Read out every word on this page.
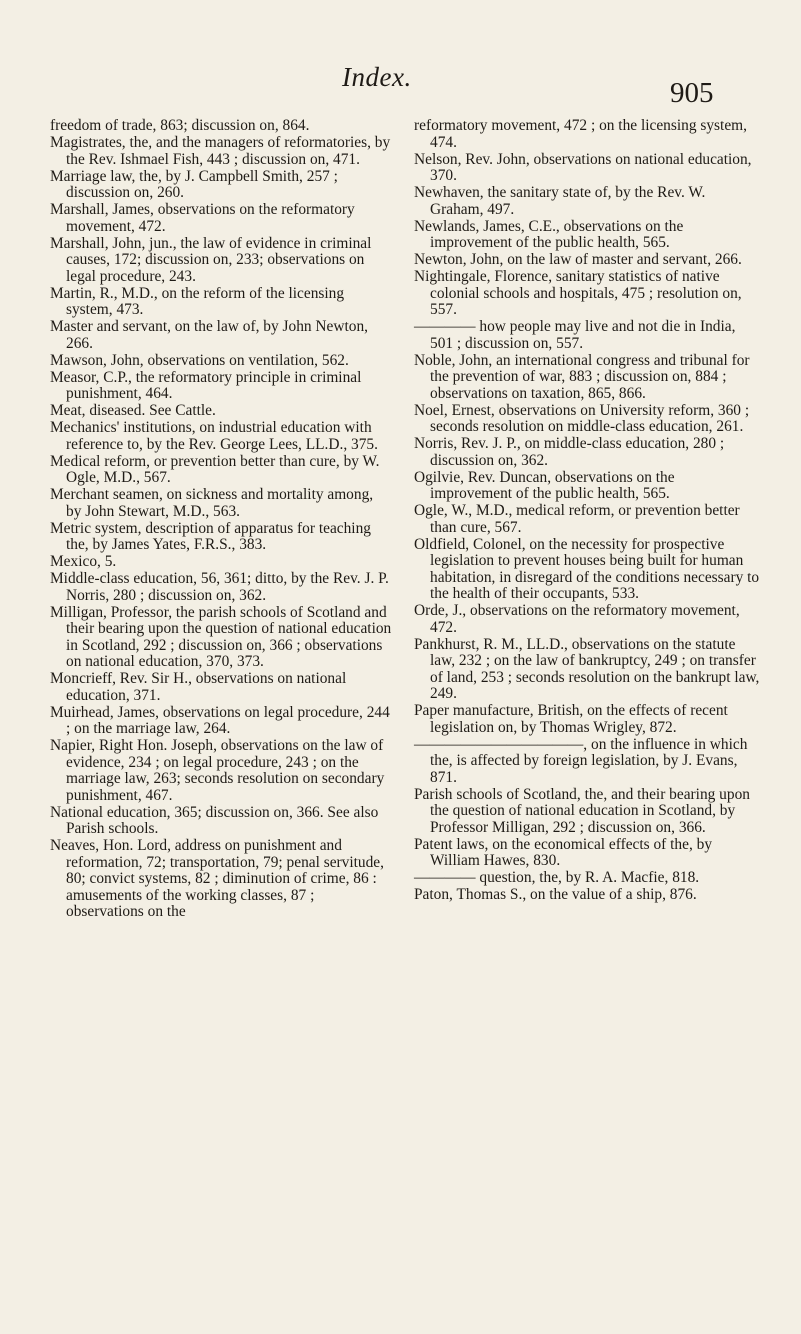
Index.	905

freedom of trade, 863; discussion on, 864.

Magistrates, the, and the managers of reformatories, by the Rev. Ishmael Fish, 443 ; discussion on, 471.

Marriage law, the, by J. Campbell Smith, 257 ; discussion on, 260.

Marshall, James, observations on the reformatory movement, 472.

Marshall, John, jun., the law of evidence in criminal causes, 172; discussion on, 233; observations on legal procedure, 243.

Martin, R., M.D., on the reform of the licensing system, 473.

Master and servant, on the law of, by John Newton, 266.

Mawson, John, observations on ventilation, 562.

Measor, C.P., the reformatory principle in criminal punishment, 464.

Meat, diseased. See Cattle.

Mechanics' institutions, on industrial education with reference to, by the Rev. George Lees, LL.D., 375.

Medical reform, or prevention better than cure, by W. Ogle, M.D., 567.

Merchant seamen, on sickness and mortality among, by John Stewart, M.D., 563.

Metric system, description of apparatus for teaching the, by James Yates, F.R.S., 383.

Mexico, 5.

Middle-class education, 56, 361; ditto, by the Rev. J. P. Norris, 280 ; discussion on, 362.

Milligan, Professor, the parish schools of Scotland and their bearing upon the question of national education in Scotland, 292 ; discussion on, 366 ; observations on national education, 370, 373.

Moncrieff, Rev. Sir H., observations on national education, 371.

Muirhead, James, observations on legal procedure, 244 ; on the marriage law, 264.

Napier, Right Hon. Joseph, observations on the law of evidence, 234 ; on legal procedure, 243 ; on the marriage law, 263; seconds resolution on secondary punishment, 467.

National education, 365; discussion on, 366. See also Parish schools.

Neaves, Hon. Lord, address on punishment and reformation, 72; transportation, 79; penal servitude, 80; convict systems, 82 ; diminution of crime, 86 : amusements of the working classes, 87 ; observations on the

reformatory movement, 472 ; on the licensing system, 474.

Nelson, Rev. John, observations on national education, 370.

Newhaven, the sanitary state of, by the Rev. W. Graham, 497.

Newlands, James, C.E., observations on the improvement of the public health, 565.

Newton, John, on the law of master and servant, 266.

Nightingale, Florence, sanitary statistics of native colonial schools and hospitals, 475 ; resolution on, 557.

———— how people may live and not die in India, 501 ; discussion on, 557.

Noble, John, an international congress and tribunal for the prevention of war, 883 ; discussion on, 884 ; observations on taxation, 865, 866.

Noel, Ernest, observations on University reform, 360 ; seconds resolution on middle-class education, 261.

Norris, Rev. J. P., on middle-class education, 280 ; discussion on, 362.

Ogilvie, Rev. Duncan, observations on the improvement of the public health, 565.

Ogle, W., M.D., medical reform, or prevention better than cure, 567.

Oldfield, Colonel, on the necessity for prospective legislation to prevent houses being built for human habitation, in disregard of the conditions necessary to the health of their occupants, 533.

Orde, J., observations on the reformatory movement, 472.

Pankhurst, R. M., LL.D., observations on the statute law, 232 ; on the law of bankruptcy, 249 ; on transfer of land, 253 ; seconds resolution on the bankrupt law, 249.

Paper manufacture, British, on the effects of recent legislation on, by Thomas Wrigley, 872.

———————————, on the influence in which the, is affected by foreign legislation, by J. Evans, 871.

Parish schools of Scotland, the, and their bearing upon the question of national education in Scotland, by Professor Milligan, 292 ; discussion on, 366.

Patent laws, on the economical effects of the, by William Hawes, 830.

———— question, the, by R. A. Macfie, 818.

Paton, Thomas S., on the value of a ship, 876.
